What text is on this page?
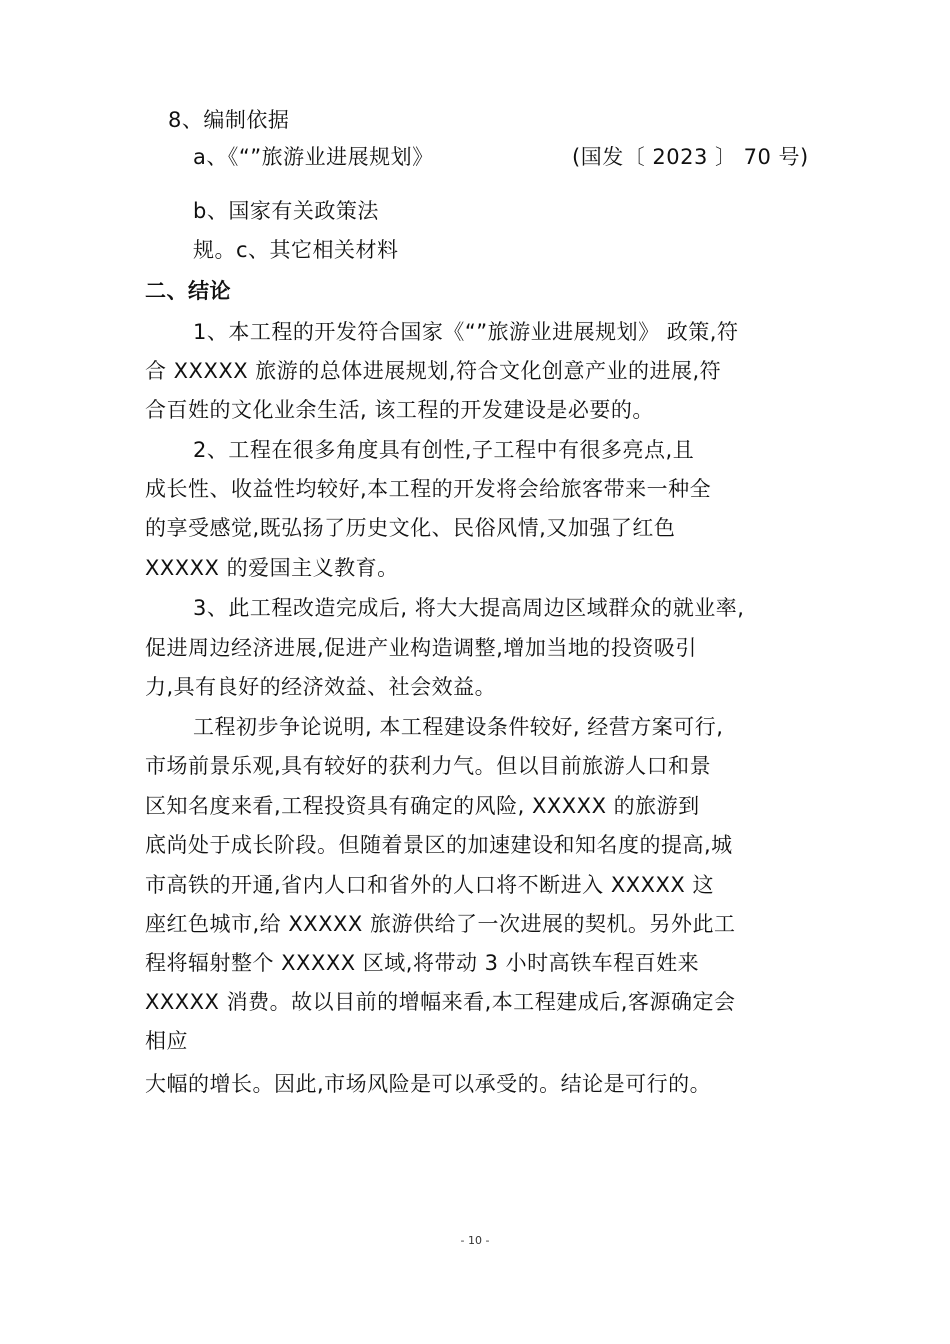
8、编制依据
a、《“”旅游业进展规划》	(国发〔 2023 〕 70 号)
b、国家有关政策法
规。c、其它相关材料
二、结论
1、本工程的开发符合国家《“”旅游业进展规划》 政策,符
合 XXXXX 旅游的总体进展规划,符合文化创意产业的进展,符
合百姓的文化业余生活, 该工程的开发建设是必要的。
2、工程在很多角度具有创性,子工程中有很多亮点,且
成长性、收益性均较好,本工程的开发将会给旅客带来一种全
的享受感觉,既弘扬了历史文化、民俗风情,又加强了红色
XXXXX 的爱国主义教育。
3、此工程改造完成后, 将大大提高周边区域群众的就业率,
促进周边经济进展,促进产业构造调整,增加当地的投资吸引
力,具有良好的经济效益、社会效益。
工程初步争论说明, 本工程建设条件较好, 经营方案可行,
市场前景乐观,具有较好的获利力气。但以目前旅游人口和景
区知名度来看,工程投资具有确定的风险, XXXXX 的旅游到
底尚处于成长阶段。但随着景区的加速建设和知名度的提高,城
市高铁的开通,省内人口和省外的人口将不断进入 XXXXX 这
座红色城市,给 XXXXX 旅游供给了一次进展的契机。另外此工
程将辐射整个 XXXXX 区域,将带动 3 小时高铁车程百姓来
XXXXX 消费。故以目前的增幅来看,本工程建成后,客源确定会
相应
大幅的增长。因此,市场风险是可以承受的。结论是可行的。
- 10 -
